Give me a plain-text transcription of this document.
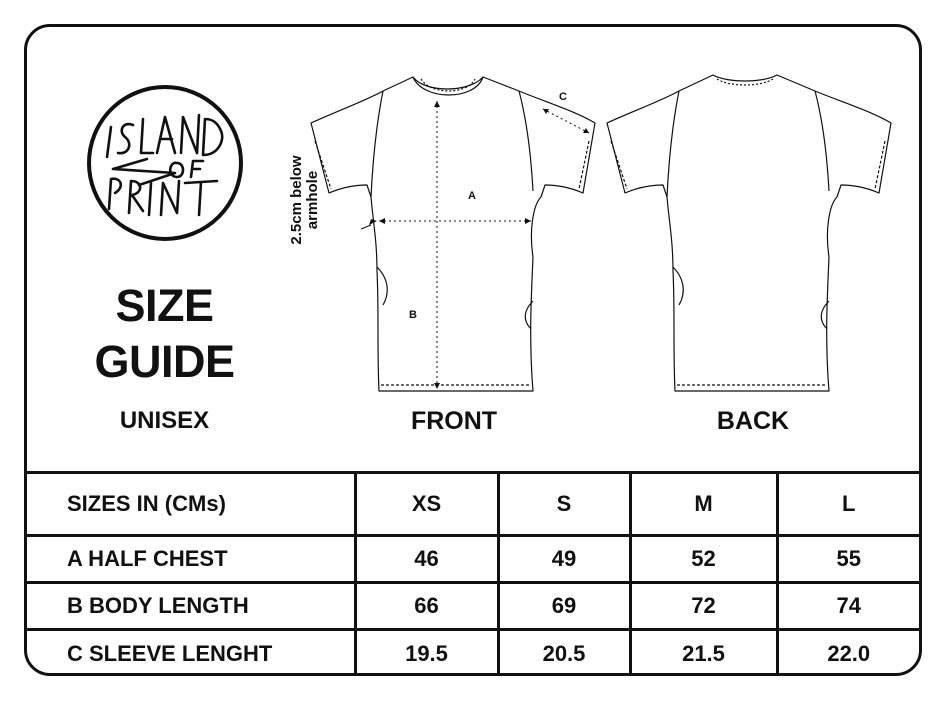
SIZE
GUIDE
UNISEX
A
B
C
2.5cm below armhole
FRONT	BACK
SIZES IN (CMs)	XS	S	M	L
A HALF CHEST	46	49	52	55
B BODY LENGTH	66	69	72	74
C SLEEVE LENGHT	19.5	20.5	21.5	22.0
